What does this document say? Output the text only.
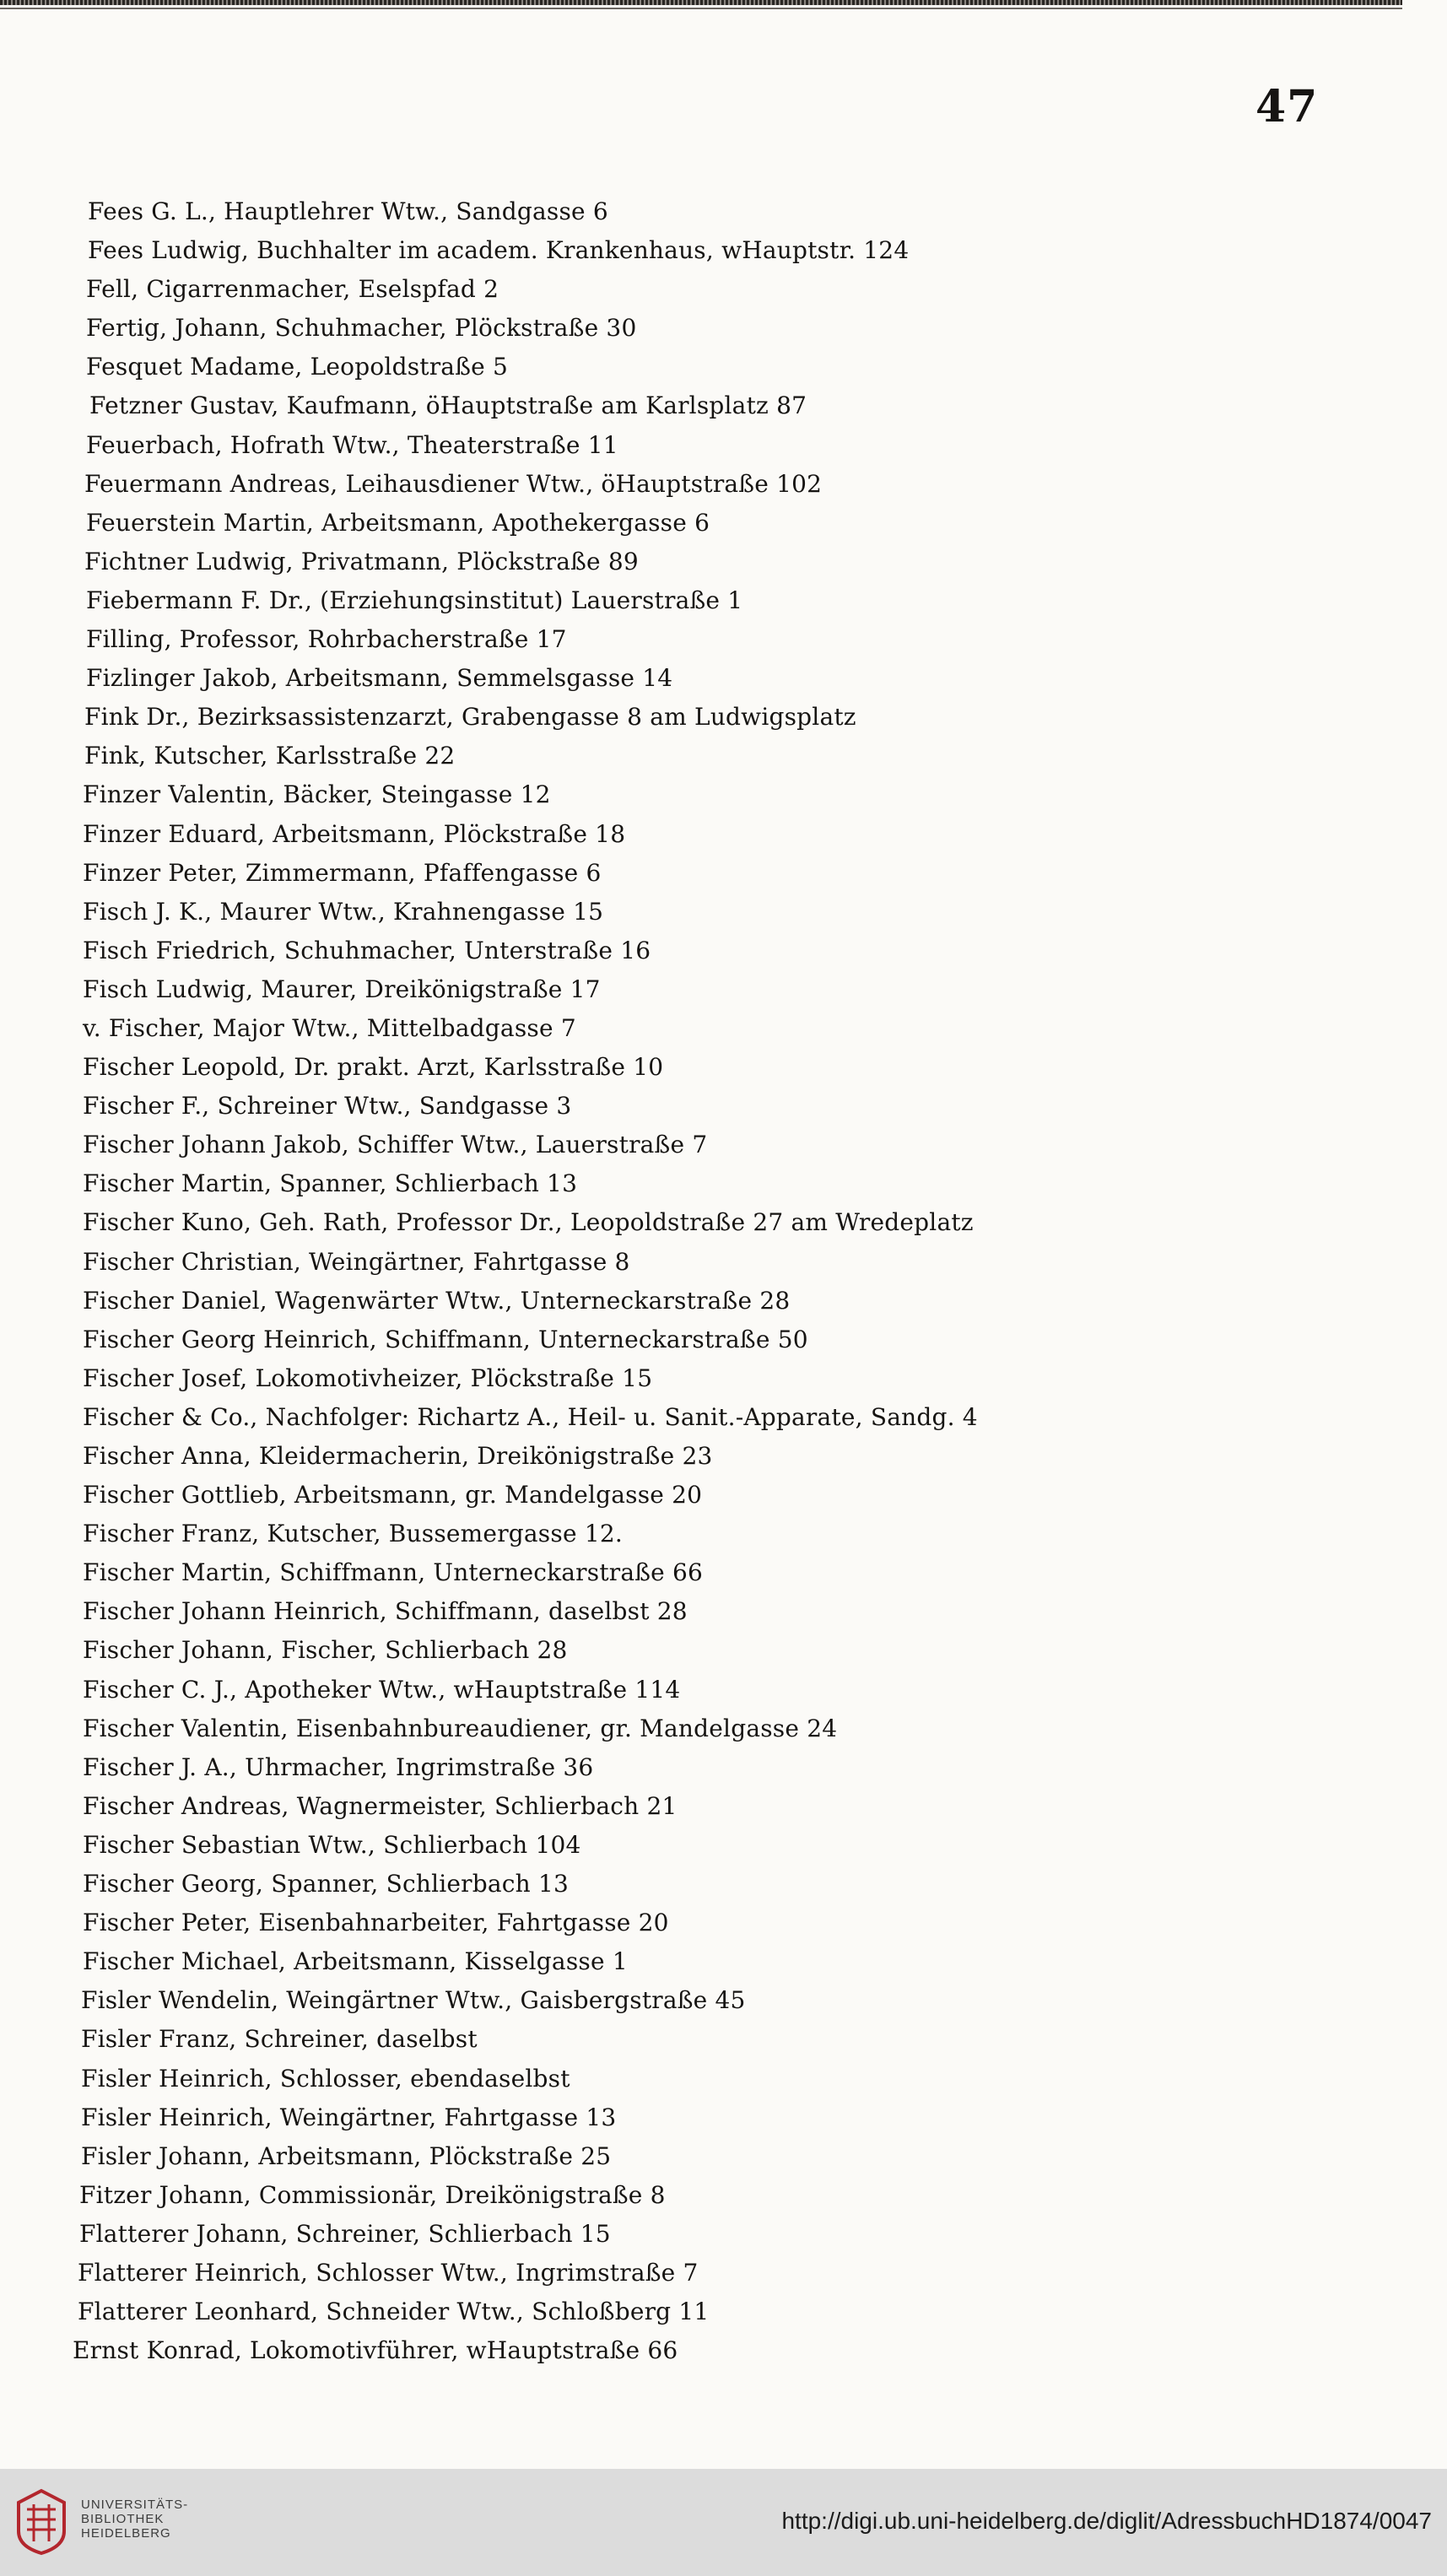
47
Fees G. L., Hauptlehrer Wtw., Sandgasse 6
Fees Ludwig, Buchhalter im academ. Krankenhaus, wHauptstr. 124
Fell, Cigarrenmacher, Eselspfad 2
Fertig, Johann, Schuhmacher, Plöckstraße 30
Fesquet Madame, Leopoldstraße 5
Fetzner Gustav, Kaufmann, öHauptstraße am Karlsplatz 87
Feuerbach, Hofrath Wtw., Theaterstraße 11
Feuermann Andreas, Leihausdiener Wtw., öHauptstraße 102
Feuerstein Martin, Arbeitsmann, Apothekergasse 6
Fichtner Ludwig, Privatmann, Plöckstraße 89
Fiebermann F. Dr., (Erziehungsinstitut) Lauerstraße 1
Filling, Professor, Rohrbacherstraße 17
Fizlinger Jakob, Arbeitsmann, Semmelsgasse 14
Fink Dr., Bezirksassistenzarzt, Grabengasse 8 am Ludwigsplatz
Fink, Kutscher, Karlsstraße 22
Finzer Valentin, Bäcker, Steingasse 12
Finzer Eduard, Arbeitsmann, Plöckstraße 18
Finzer Peter, Zimmermann, Pfaffengasse 6
Fisch J. K., Maurer Wtw., Krahnengasse 15
Fisch Friedrich, Schuhmacher, Unterstraße 16
Fisch Ludwig, Maurer, Dreikönigstraße 17
v. Fischer, Major Wtw., Mittelbadgasse 7
Fischer Leopold, Dr. prakt. Arzt, Karlsstraße 10
Fischer F., Schreiner Wtw., Sandgasse 3
Fischer Johann Jakob, Schiffer Wtw., Lauerstraße 7
Fischer Martin, Spanner, Schlierbach 13
Fischer Kuno, Geh. Rath, Professor Dr., Leopoldstraße 27 am Wredeplatz
Fischer Christian, Weingärtner, Fahrtgasse 8
Fischer Daniel, Wagenwärter Wtw., Unterneckarstraße 28
Fischer Georg Heinrich, Schiffmann, Unterneckarstraße 50
Fischer Josef, Lokomotivheizer, Plöckstraße 15
Fischer & Co., Nachfolger: Richartz A., Heil- u. Sanit.-Apparate, Sandg. 4
Fischer Anna, Kleidermacherin, Dreikönigstraße 23
Fischer Gottlieb, Arbeitsmann, gr. Mandelgasse 20
Fischer Franz, Kutscher, Bussemergasse 12.
Fischer Martin, Schiffmann, Unterneckarstraße 66
Fischer Johann Heinrich, Schiffmann, daselbst 28
Fischer Johann, Fischer, Schlierbach 28
Fischer C. J., Apotheker Wtw., wHauptstraße 114
Fischer Valentin, Eisenbahnbureaudiener, gr. Mandelgasse 24
Fischer J. A., Uhrmacher, Ingrimstraße 36
Fischer Andreas, Wagnermeister, Schlierbach 21
Fischer Sebastian Wtw., Schlierbach 104
Fischer Georg, Spanner, Schlierbach 13
Fischer Peter, Eisenbahnarbeiter, Fahrtgasse 20
Fischer Michael, Arbeitsmann, Kisselgasse 1
Fisler Wendelin, Weingärtner Wtw., Gaisbergstraße 45
Fisler Franz, Schreiner, daselbst
Fisler Heinrich, Schlosser, ebendaselbst
Fisler Heinrich, Weingärtner, Fahrtgasse 13
Fisler Johann, Arbeitsmann, Plöckstraße 25
Fitzer Johann, Commissionär, Dreikönigstraße 8
Flatterer Johann, Schreiner, Schlierbach 15
Flatterer Heinrich, Schlosser Wtw., Ingrimstraße 7
Flatterer Leonhard, Schneider Wtw., Schloßberg 11
Ernst Konrad, Lokomotivführer, wHauptstraße 66
UNIVERSITÄTS-
BIBLIOTHEK
HEIDELBERG	http://digi.ub.uni-heidelberg.de/diglit/AdressbuchHD1874/0047
